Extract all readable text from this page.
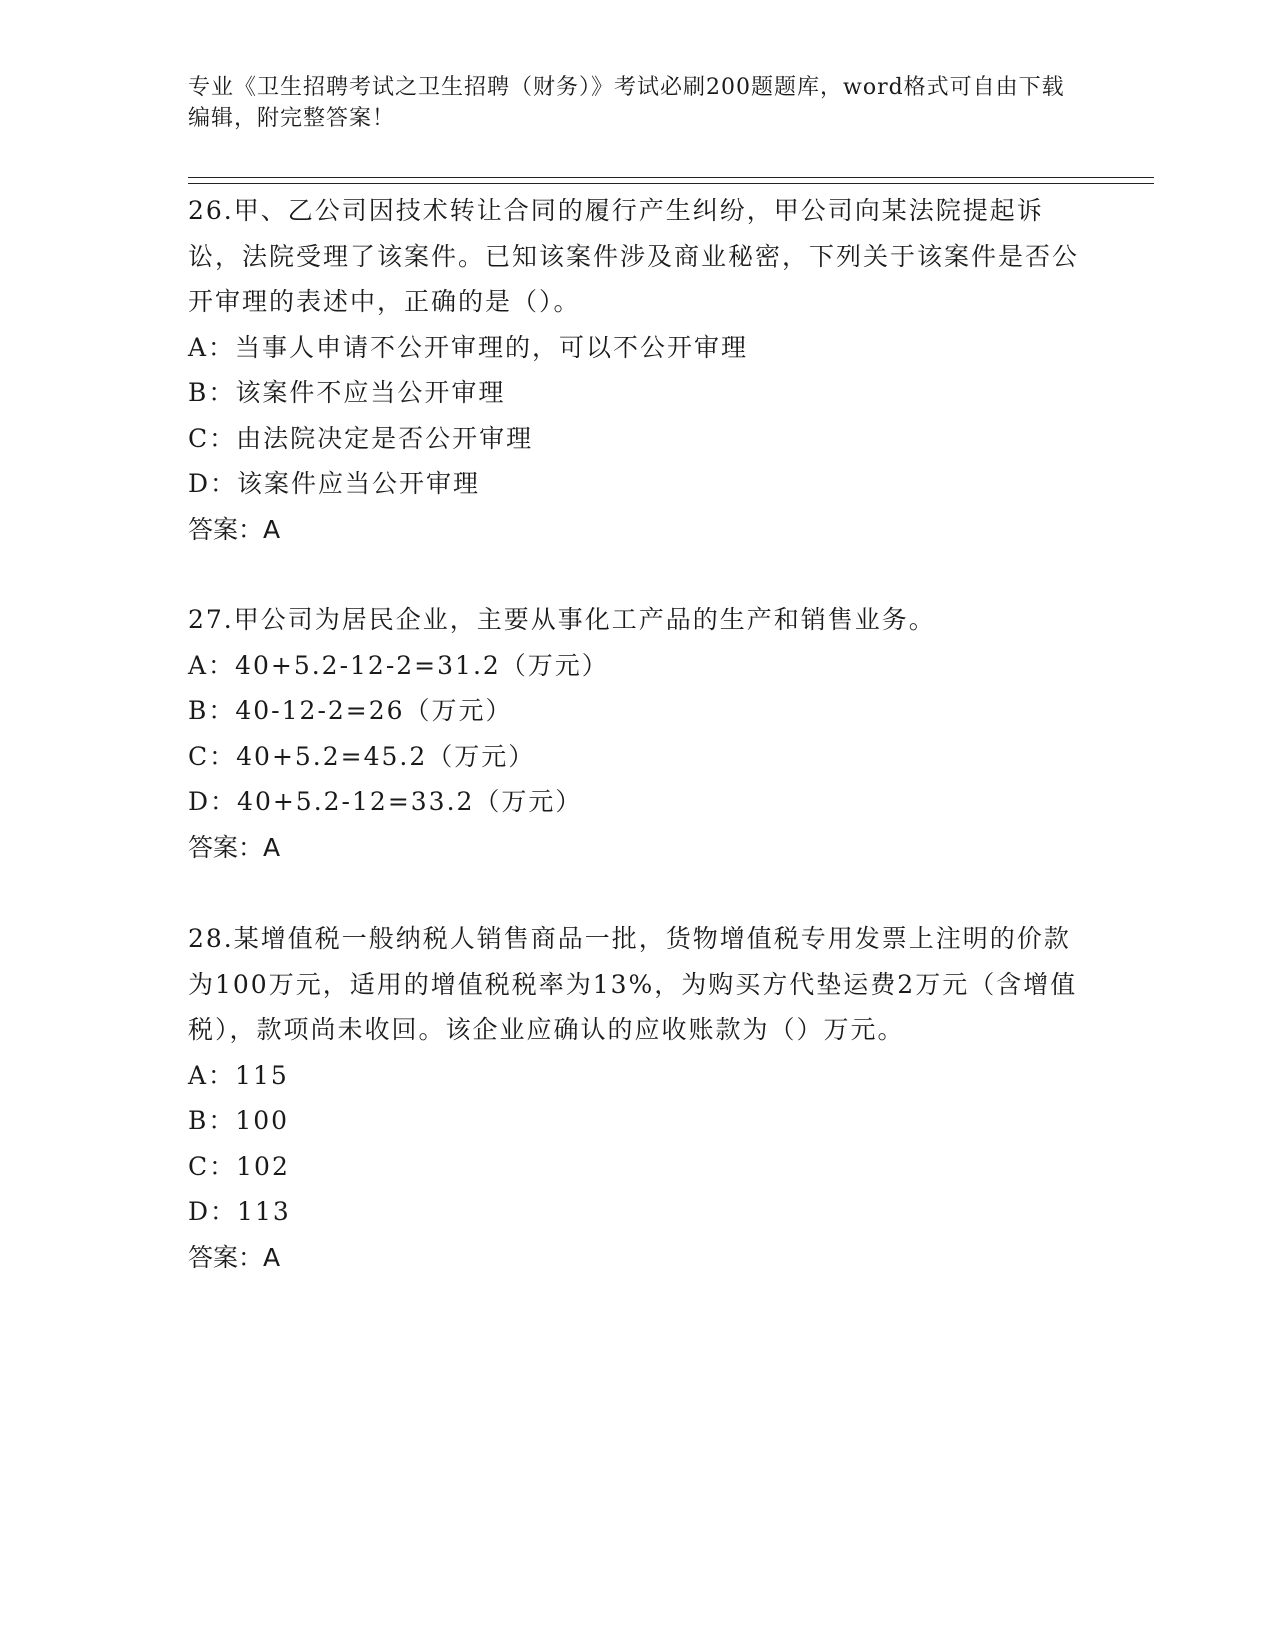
专业《卫生招聘考试之卫生招聘（财务）》考试必刷200题题库，word格式可自由下载编辑，附完整答案！

26.甲、乙公司因技术转让合同的履行产生纠纷，甲公司向某法院提起诉讼，法院受理了该案件。已知该案件涉及商业秘密，下列关于该案件是否公开审理的表述中，正确的是（）。

A：当事人申请不公开审理的，可以不公开审理

B：该案件不应当公开审理

C：由法院决定是否公开审理

D：该案件应当公开审理

答案：A

27.甲公司为居民企业，主要从事化工产品的生产和销售业务。

A：40+5.2-12-2=31.2（万元）

B：40-12-2=26（万元）

C：40+5.2=45.2（万元）

D：40+5.2-12=33.2（万元）

答案：A

28.某增值税一般纳税人销售商品一批，货物增值税专用发票上注明的价款为100万元，适用的增值税税率为13%，为购买方代垫运费2万元（含增值税），款项尚未收回。该企业应确认的应收账款为（）万元。

A：115

B：100

C：102

D：113

答案：A
